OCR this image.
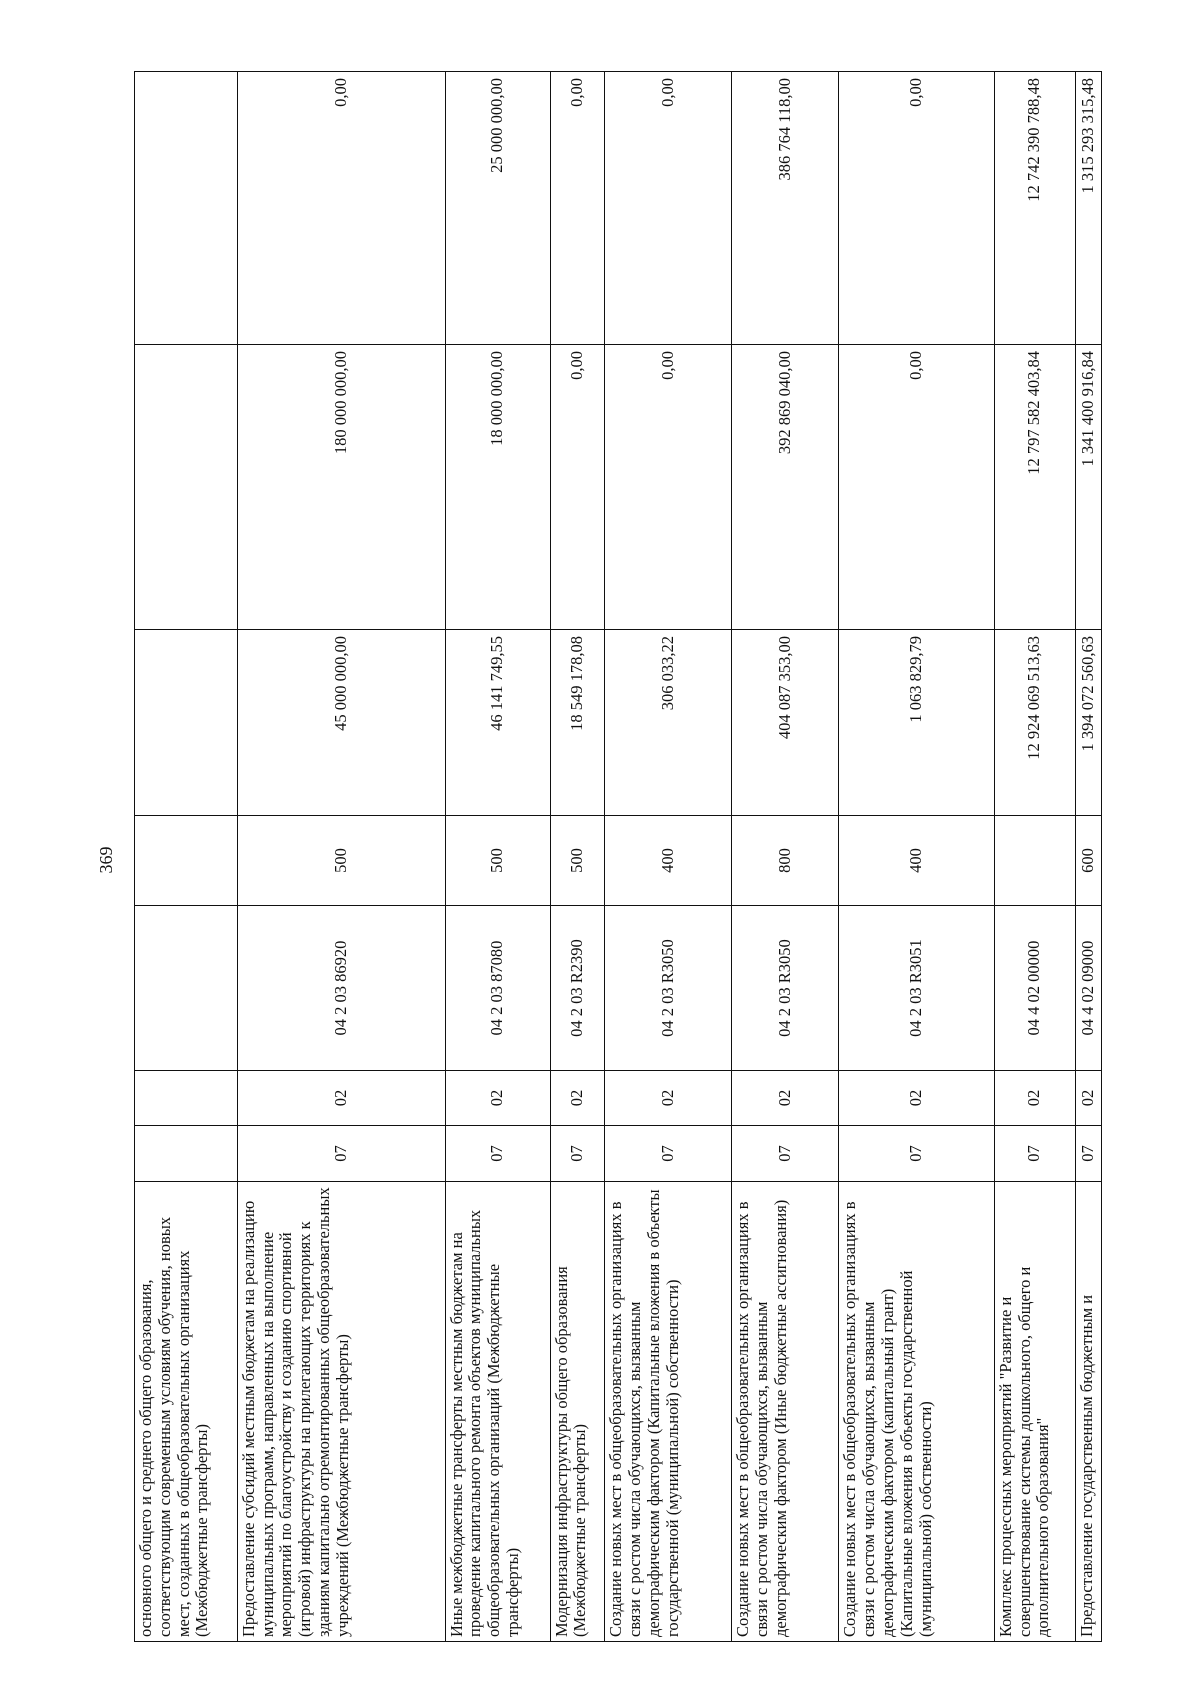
369
основного общего и среднего общего образования, соответствующим современным условиям обучения, новых мест, созданных в общеобразовательных организациях (Межбюджетные трансферты)							
Предоставление субсидий местным бюджетам на реализацию муниципальных программ, направленных на выполнение мероприятий по благоустройству и созданию спортивной (игровой) инфраструктуры на прилегающих территориях к зданиям капитально отремонтированных общеобразовательных учреждений (Межбюджетные трансферты)	07	02	04 2 03 86920	500	45 000 000,00	180 000 000,00	0,00
Иные межбюджетные трансферты местным бюджетам на проведение капитального ремонта объектов муниципальных общеобразовательных организаций (Межбюджетные трансферты)	07	02	04 2 03 87080	500	46 141 749,55	18 000 000,00	25 000 000,00
Модернизация инфраструктуры общего образования (Межбюджетные трансферты)	07	02	04 2 03 R2390	500	18 549 178,08	0,00	0,00
Создание новых мест в общеобразовательных организациях в связи с ростом числа обучающихся, вызванным демографическим фактором (Капитальные вложения в объекты государственной (муниципальной) собственности)	07	02	04 2 03 R3050	400	306 033,22	0,00	0,00
Создание новых мест в общеобразовательных организациях в связи с ростом числа обучающихся, вызванным демографическим фактором (Иные бюджетные ассигнования)	07	02	04 2 03 R3050	800	404 087 353,00	392 869 040,00	386 764 118,00
Создание новых мест в общеобразовательных организациях в связи с ростом числа обучающихся, вызванным демографическим фактором (капитальный грант) (Капитальные вложения в объекты государственной (муниципальной) собственности)	07	02	04 2 03 R3051	400	1 063 829,79	0,00	0,00
Комплекс процессных мероприятий "Развитие и совершенствование системы дошкольного, общего и дополнительного образования"	07	02	04 4 02 00000		12 924 069 513,63	12 797 582 403,84	12 742 390 788,48
Предоставление государственным бюджетным и	07	02	04 4 02 09000	600	1 394 072 560,63	1 341 400 916,84	1 315 293 315,48
